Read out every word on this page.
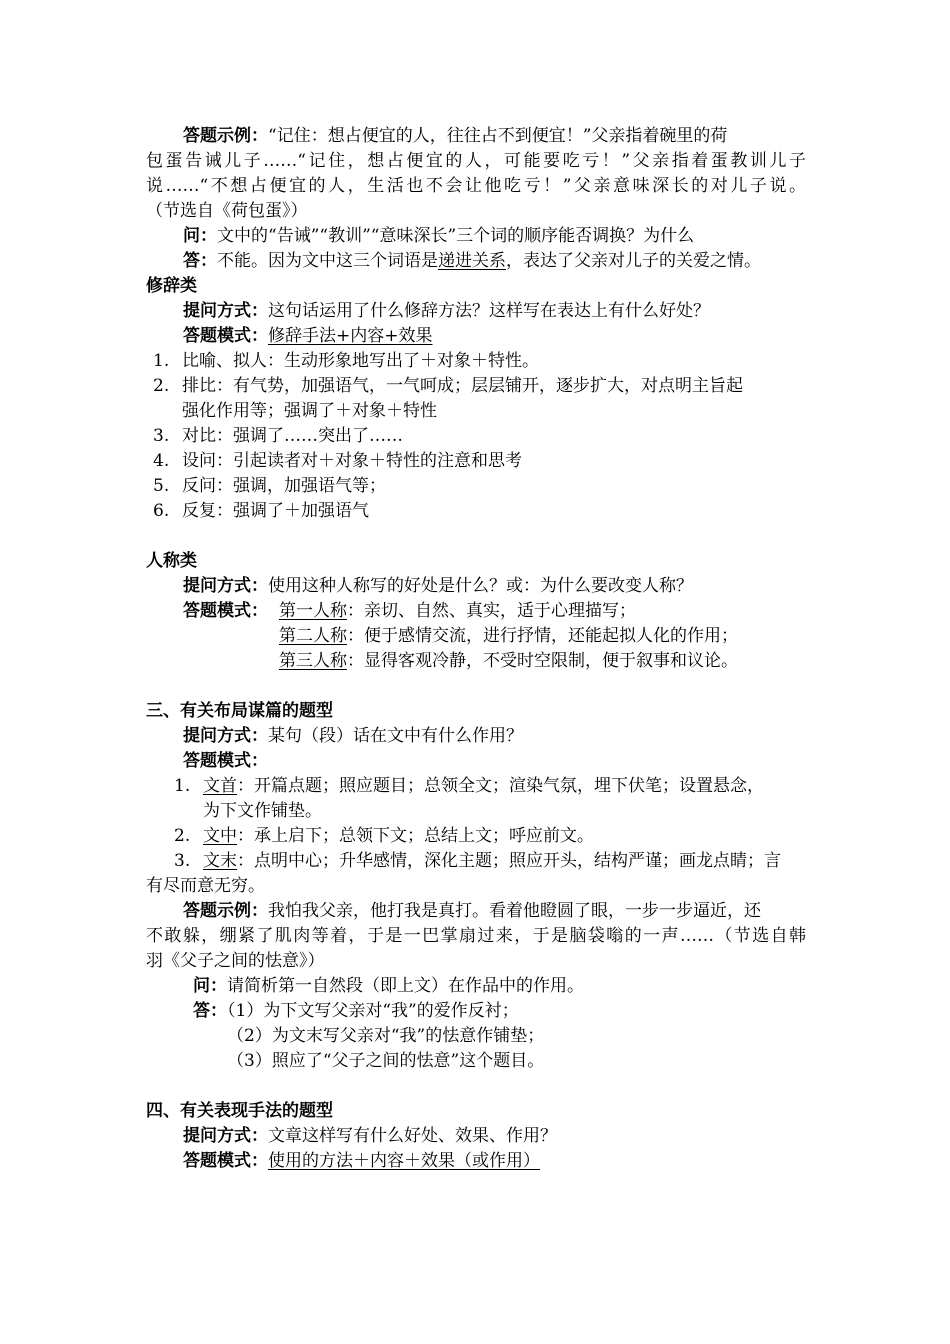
答题示例：“记住：想占便宜的人，往往占不到便宜！”父亲指着碗里的荷
包蛋告诫儿子……“记住，想占便宜的人，可能要吃亏！”父亲指着蛋教训儿子
说……“不想占便宜的人，生活也不会让他吃亏！”父亲意味深长的对儿子说。
（节选自《荷包蛋》）
问：文中的“告诫”“教训”“意味深长”三个词的顺序能否调换？为什么
答：不能。因为文中这三个词语是递进关系，表达了父亲对儿子的关爱之情。
修辞类
提问方式：这句话运用了什么修辞方法？这样写在表达上有什么好处？
答题模式：修辞手法+内容+效果
1. 比喻、拟人：生动形象地写出了＋对象＋特性。
2. 排比：有气势，加强语气，一气呵成；层层铺开，逐步扩大，对点明主旨起
强化作用等；强调了＋对象＋特性
3. 对比：强调了……突出了……
4. 设问：引起读者对＋对象＋特性的注意和思考
5. 反问：强调，加强语气等；
6. 反复：强调了＋加强语气
人称类
提问方式：使用这种人称写的好处是什么？或：为什么要改变人称？
答题模式： 第一人称：亲切、自然、真实，适于心理描写；
第二人称：便于感情交流，进行抒情，还能起拟人化的作用；
第三人称：显得客观冷静，不受时空限制，便于叙事和议论。
三、有关布局谋篇的题型
提问方式：某句（段）话在文中有什么作用？
答题模式：
1. 文首：开篇点题；照应题目；总领全文；渲染气氛，埋下伏笔；设置悬念，
为下文作铺垫。
2. 文中：承上启下；总领下文；总结上文；呼应前文。
3. 文末：点明中心；升华感情，深化主题；照应开头，结构严谨；画龙点睛；言
有尽而意无穷。
答题示例：我怕我父亲，他打我是真打。看着他瞪圆了眼，一步一步逼近，还
不敢躲，绷紧了肌肉等着，于是一巴掌扇过来，于是脑袋嗡的一声……（节选自韩
羽《父子之间的怯意》）
问：请简析第一自然段（即上文）在作品中的作用。
答：（1）为下文写父亲对“我”的爱作反衬；
（2）为文末写父亲对“我”的怯意作铺垫；
（3）照应了“父子之间的怯意”这个题目。
四、有关表现手法的题型
提问方式：文章这样写有什么好处、效果、作用？
答题模式：使用的方法＋内容＋效果（或作用）
